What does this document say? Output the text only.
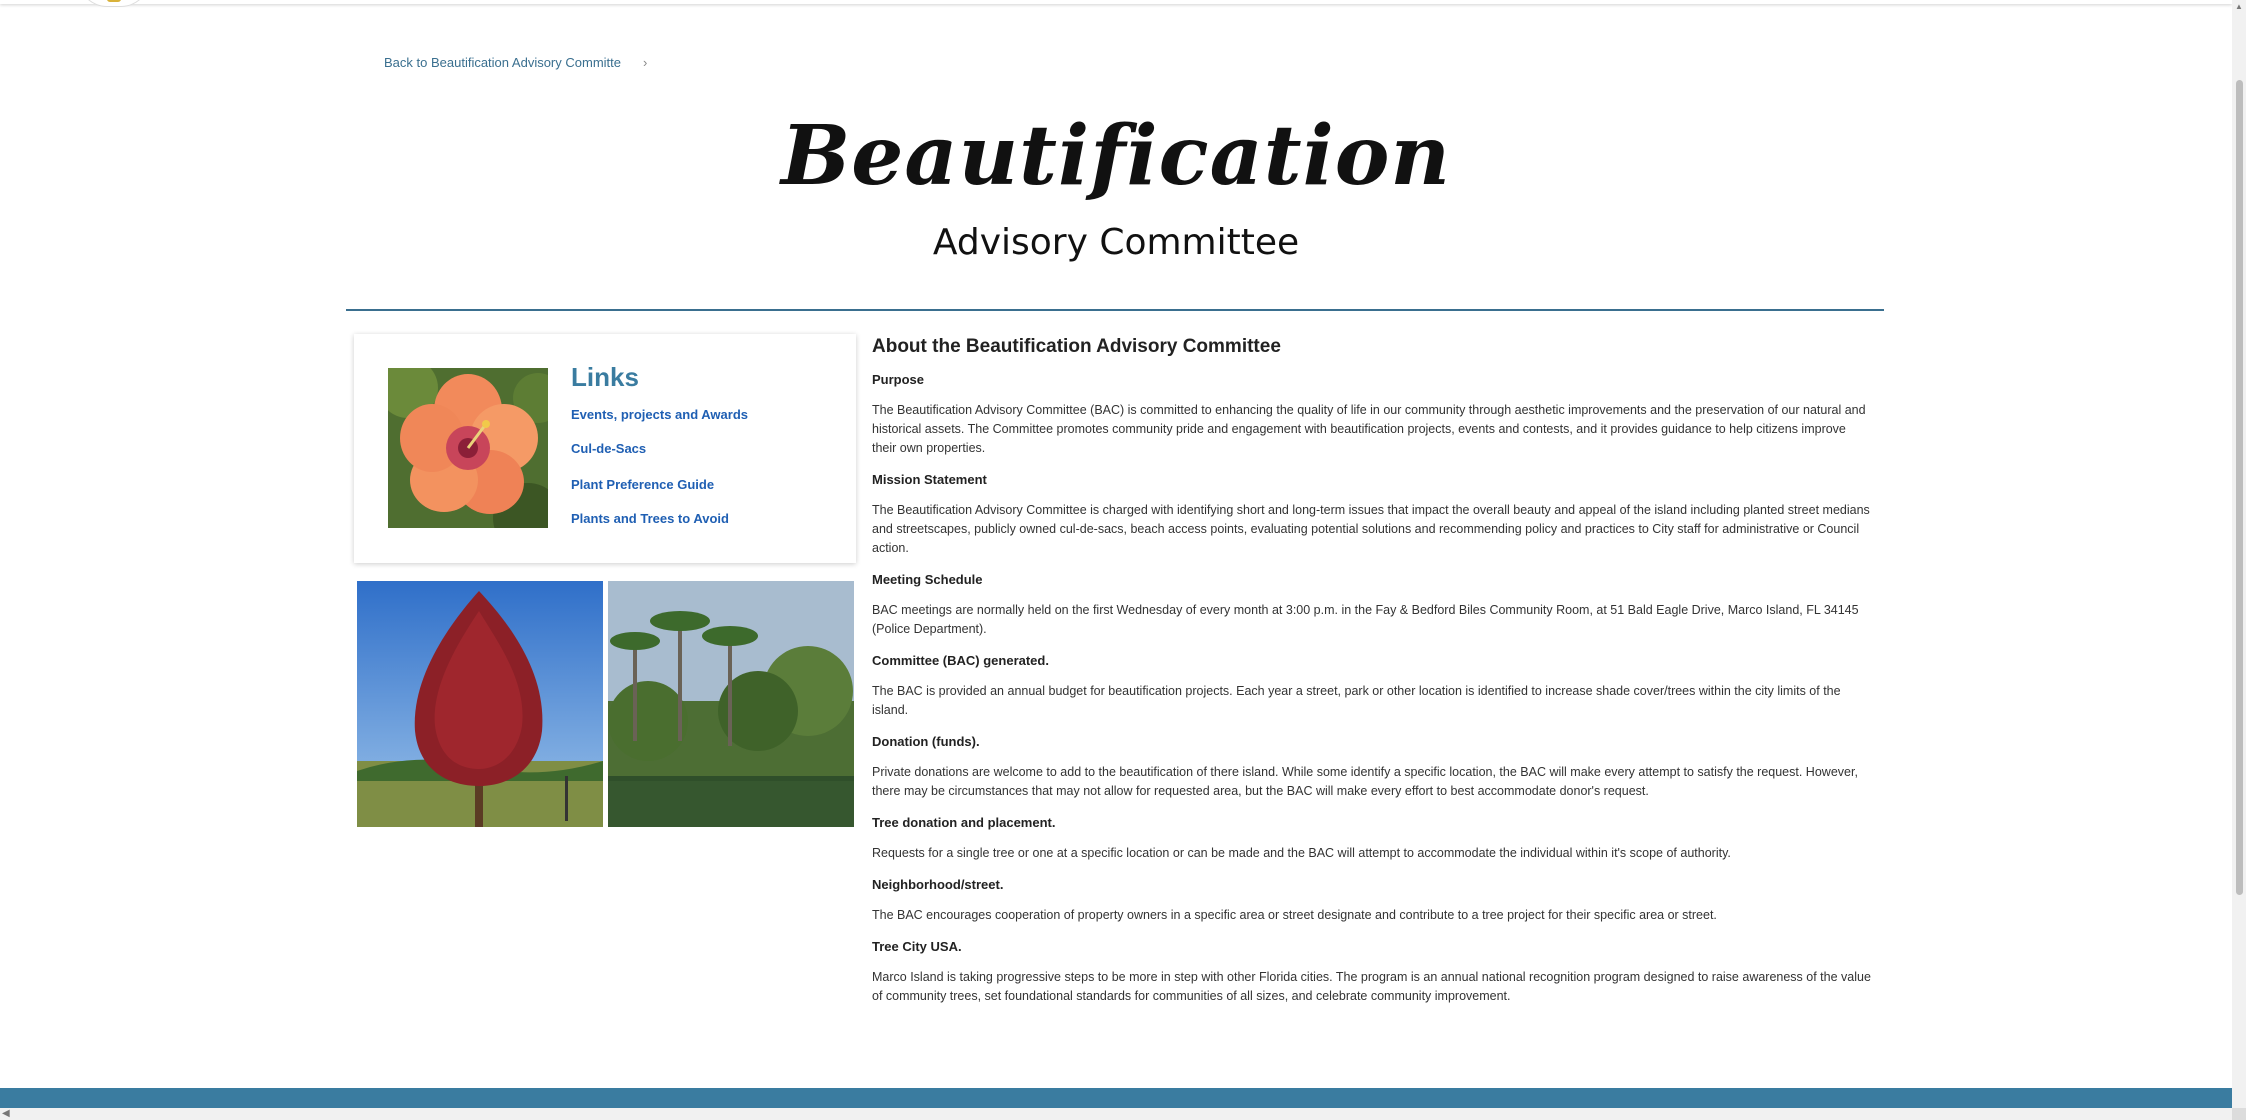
Back to Beautification Advisory Committe ›
Beautification
Advisory Committee
Links
Events, projects and Awards
Cul-de-Sacs
Plant Preference Guide
Plants and Trees to Avoid
About the Beautification Advisory Committee
Purpose

The Beautification Advisory Committee (BAC) is committed to enhancing the quality of life in our community through aesthetic improvements and the preservation of our natural and historical assets. The Committee promotes community pride and engagement with beautification projects, events and contests, and it provides guidance to help citizens improve their own properties.

Mission Statement

The Beautification Advisory Committee is charged with identifying short and long-term issues that impact the overall beauty and appeal of the island including planted street medians and streetscapes, publicly owned cul-de-sacs, beach access points, evaluating potential solutions and recommending policy and practices to City staff for administrative or Council action.

Meeting Schedule

BAC meetings are normally held on the first Wednesday of every month at 3:00 p.m. in the Fay & Bedford Biles Community Room, at 51 Bald Eagle Drive, Marco Island, FL 34145 (Police Department).

Committee (BAC) generated.

The BAC is provided an annual budget for beautification projects. Each year a street, park or other location is identified to increase shade cover/trees within the city limits of the island.

Donation (funds).

Private donations are welcome to add to the beautification of there island. While some identify a specific location, the BAC will make every attempt to satisfy the request. However, there may be circumstances that may not allow for requested area, but the BAC will make every effort to best accommodate donor's request.

Tree donation and placement.

Requests for a single tree or one at a specific location or can be made and the BAC will attempt to accommodate the individual within it's scope of authority.

Neighborhood/street.

The BAC encourages cooperation of property owners in a specific area or street designate and contribute to a tree project for their specific area or street.

Tree City USA.

Marco Island is taking progressive steps to be more in step with other Florida cities. The program is an annual national recognition program designed to raise awareness of the value of community trees, set foundational standards for communities of all sizes, and celebrate community improvement.

▲
◀
